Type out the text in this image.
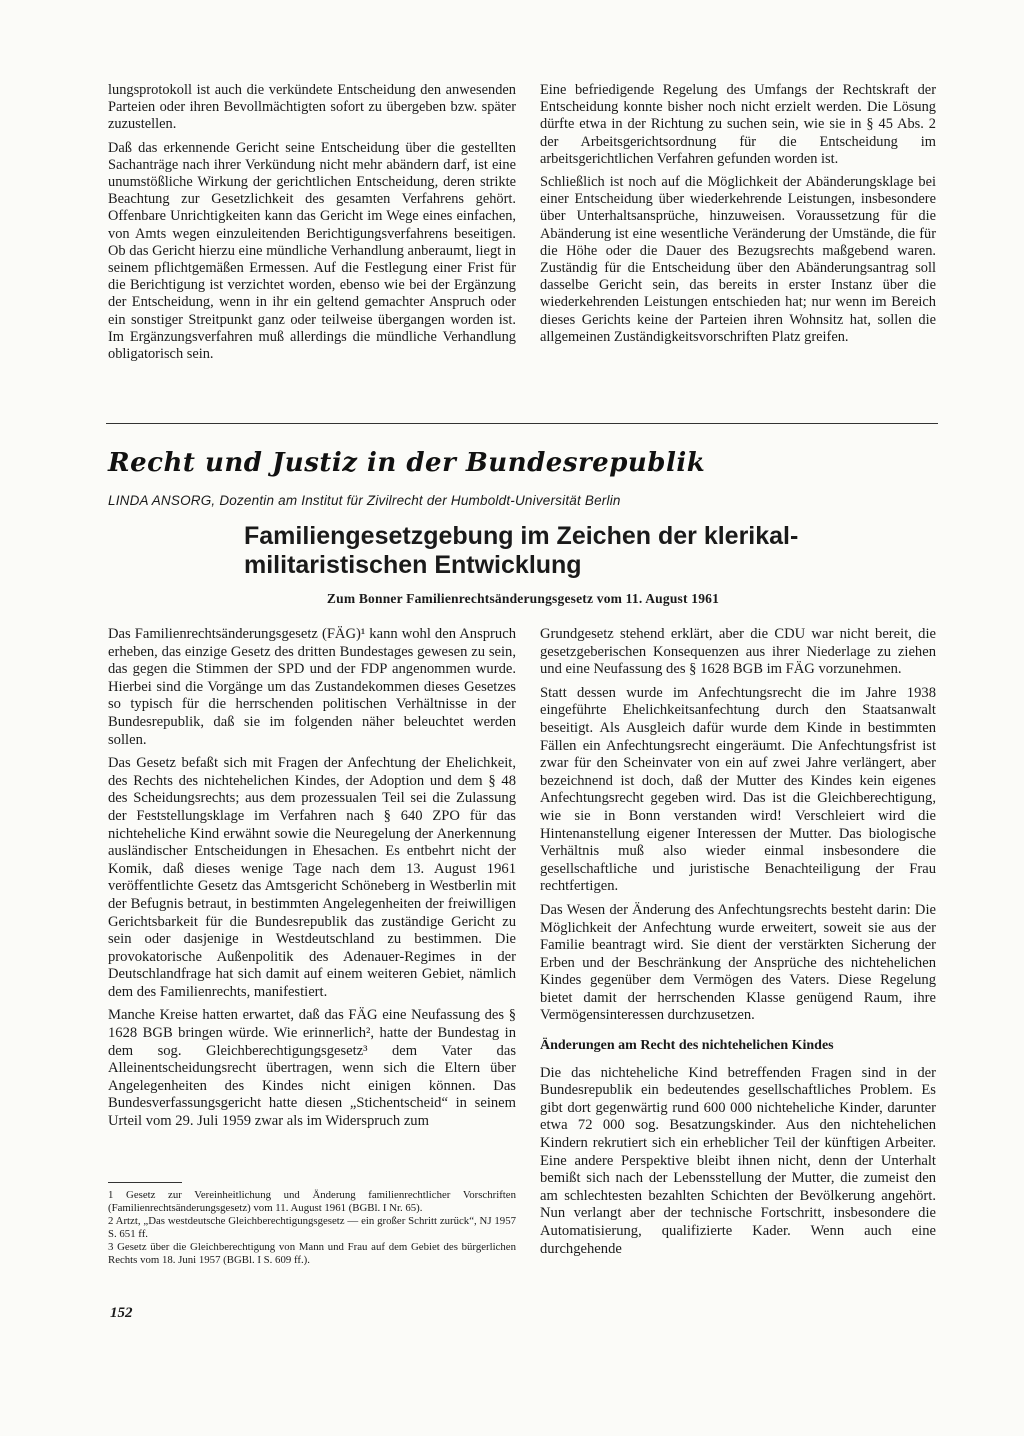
lungsprotokoll ist auch die verkündete Entscheidung den anwesenden Parteien oder ihren Bevollmächtigten sofort zu übergeben bzw. später zuzustellen.

Daß das erkennende Gericht seine Entscheidung über die gestellten Sachanträge nach ihrer Verkündung nicht mehr abändern darf, ist eine unumstößliche Wirkung der gerichtlichen Entscheidung, deren strikte Beachtung zur Gesetzlichkeit des gesamten Verfahrens gehört. Offenbare Unrichtigkeiten kann das Gericht im Wege eines einfachen, von Amts wegen einzuleitenden Berichtigungsverfahrens beseitigen. Ob das Gericht hierzu eine mündliche Verhandlung anberaumt, liegt in seinem pflichtgemäßen Ermessen. Auf die Festlegung einer Frist für die Berichtigung ist verzichtet worden, ebenso wie bei der Ergänzung der Entscheidung, wenn in ihr ein geltend gemachter Anspruch oder ein sonstiger Streitpunkt ganz oder teilweise übergangen worden ist. Im Ergänzungsverfahren muß allerdings die mündliche Verhandlung obligatorisch sein.

Eine befriedigende Regelung des Umfangs der Rechtskraft der Entscheidung konnte bisher noch nicht erzielt werden. Die Lösung dürfte etwa in der Richtung zu suchen sein, wie sie in § 45 Abs. 2 der Arbeitsgerichtsordnung für die Entscheidung im arbeitsgerichtlichen Verfahren gefunden worden ist.

Schließlich ist noch auf die Möglichkeit der Abänderungsklage bei einer Entscheidung über wiederkehrende Leistungen, insbesondere über Unterhaltsansprüche, hinzuweisen. Voraussetzung für die Abänderung ist eine wesentliche Veränderung der Umstände, die für die Höhe oder die Dauer des Bezugsrechts maßgebend waren. Zuständig für die Entscheidung über den Abänderungsantrag soll dasselbe Gericht sein, das bereits in erster Instanz über die wiederkehrenden Leistungen entschieden hat; nur wenn im Bereich dieses Gerichts keine der Parteien ihren Wohnsitz hat, sollen die allgemeinen Zuständigkeitsvorschriften Platz greifen.

Recht und Justiz in der Bundesrepublik
LINDA ANSORG, Dozentin am Institut für Zivilrecht der Humboldt-Universität Berlin
Familiengesetzgebung im Zeichen der klerikal-
militaristischen Entwicklung
Zum Bonner Familienrechtsänderungsgesetz vom 11. August 1961

Das Familienrechtsänderungsgesetz (FÄG)¹ kann wohl den Anspruch erheben, das einzige Gesetz des dritten Bundestages gewesen zu sein, das gegen die Stimmen der SPD und der FDP angenommen wurde. Hierbei sind die Vorgänge um das Zustandekommen dieses Gesetzes so typisch für die herrschenden politischen Verhältnisse in der Bundesrepublik, daß sie im folgenden näher beleuchtet werden sollen.

Das Gesetz befaßt sich mit Fragen der Anfechtung der Ehelichkeit, des Rechts des nichtehelichen Kindes, der Adoption und dem § 48 des Scheidungsrechts; aus dem prozessualen Teil sei die Zulassung der Feststellungsklage im Verfahren nach § 640 ZPO für das nichteheliche Kind erwähnt sowie die Neuregelung der Anerkennung ausländischer Entscheidungen in Ehesachen. Es entbehrt nicht der Komik, daß dieses wenige Tage nach dem 13. August 1961 veröffentlichte Gesetz das Amtsgericht Schöneberg in Westberlin mit der Befugnis betraut, in bestimmten Angelegenheiten der freiwilligen Gerichtsbarkeit für die Bundesrepublik das zuständige Gericht zu sein oder dasjenige in Westdeutschland zu bestimmen. Die provokatorische Außenpolitik des Adenauer-Regimes in der Deutschlandfrage hat sich damit auf einem weiteren Gebiet, nämlich dem des Familienrechts, manifestiert.

Manche Kreise hatten erwartet, daß das FÄG eine Neufassung des § 1628 BGB bringen würde. Wie erinnerlich², hatte der Bundestag in dem sog. Gleichberechtigungsgesetz³ dem Vater das Alleinentscheidungsrecht übertragen, wenn sich die Eltern über Angelegenheiten des Kindes nicht einigen können. Das Bundesverfassungsgericht hatte diesen „Stichentscheid“ in seinem Urteil vom 29. Juli 1959 zwar als im Widerspruch zum

Grundgesetz stehend erklärt, aber die CDU war nicht bereit, die gesetzgeberischen Konsequenzen aus ihrer Niederlage zu ziehen und eine Neufassung des § 1628 BGB im FÄG vorzunehmen.

Statt dessen wurde im Anfechtungsrecht die im Jahre 1938 eingeführte Ehelichkeitsanfechtung durch den Staatsanwalt beseitigt. Als Ausgleich dafür wurde dem Kinde in bestimmten Fällen ein Anfechtungsrecht eingeräumt. Die Anfechtungsfrist ist zwar für den Scheinvater von ein auf zwei Jahre verlängert, aber bezeichnend ist doch, daß der Mutter des Kindes kein eigenes Anfechtungsrecht gegeben wird. Das ist die Gleichberechtigung, wie sie in Bonn verstanden wird! Verschleiert wird die Hintenanstellung eigener Interessen der Mutter. Das biologische Verhältnis muß also wieder einmal insbesondere die gesellschaftliche und juristische Benachteiligung der Frau rechtfertigen.

Das Wesen der Änderung des Anfechtungsrechts besteht darin: Die Möglichkeit der Anfechtung wurde erweitert, soweit sie aus der Familie beantragt wird. Sie dient der verstärkten Sicherung der Erben und der Beschränkung der Ansprüche des nichtehelichen Kindes gegenüber dem Vermögen des Vaters. Diese Regelung bietet damit der herrschenden Klasse genügend Raum, ihre Vermögensinteressen durchzusetzen.

Änderungen am Recht des nichtehelichen Kindes

Die das nichteheliche Kind betreffenden Fragen sind in der Bundesrepublik ein bedeutendes gesellschaftliches Problem. Es gibt dort gegenwärtig rund 600 000 nichteheliche Kinder, darunter etwa 72 000 sog. Besatzungskinder. Aus den nichtehelichen Kindern rekrutiert sich ein erheblicher Teil der künftigen Arbeiter. Eine andere Perspektive bleibt ihnen nicht, denn der Unterhalt bemißt sich nach der Lebensstellung der Mutter, die zumeist den am schlechtesten bezahlten Schichten der Bevölkerung angehört. Nun verlangt aber der technische Fortschritt, insbesondere die Automatisierung, qualifizierte Kader. Wenn auch eine durchgehende

1 Gesetz zur Vereinheitlichung und Änderung familienrechtlicher Vorschriften (Familienrechtsänderungsgesetz) vom 11. August 1961 (BGBl. I Nr. 65).

2 Artzt, „Das westdeutsche Gleichberechtigungsgesetz — ein großer Schritt zurück“, NJ 1957 S. 651 ff.

3 Gesetz über die Gleichberechtigung von Mann und Frau auf dem Gebiet des bürgerlichen Rechts vom 18. Juni 1957 (BGBl. I S. 609 ff.).

152
